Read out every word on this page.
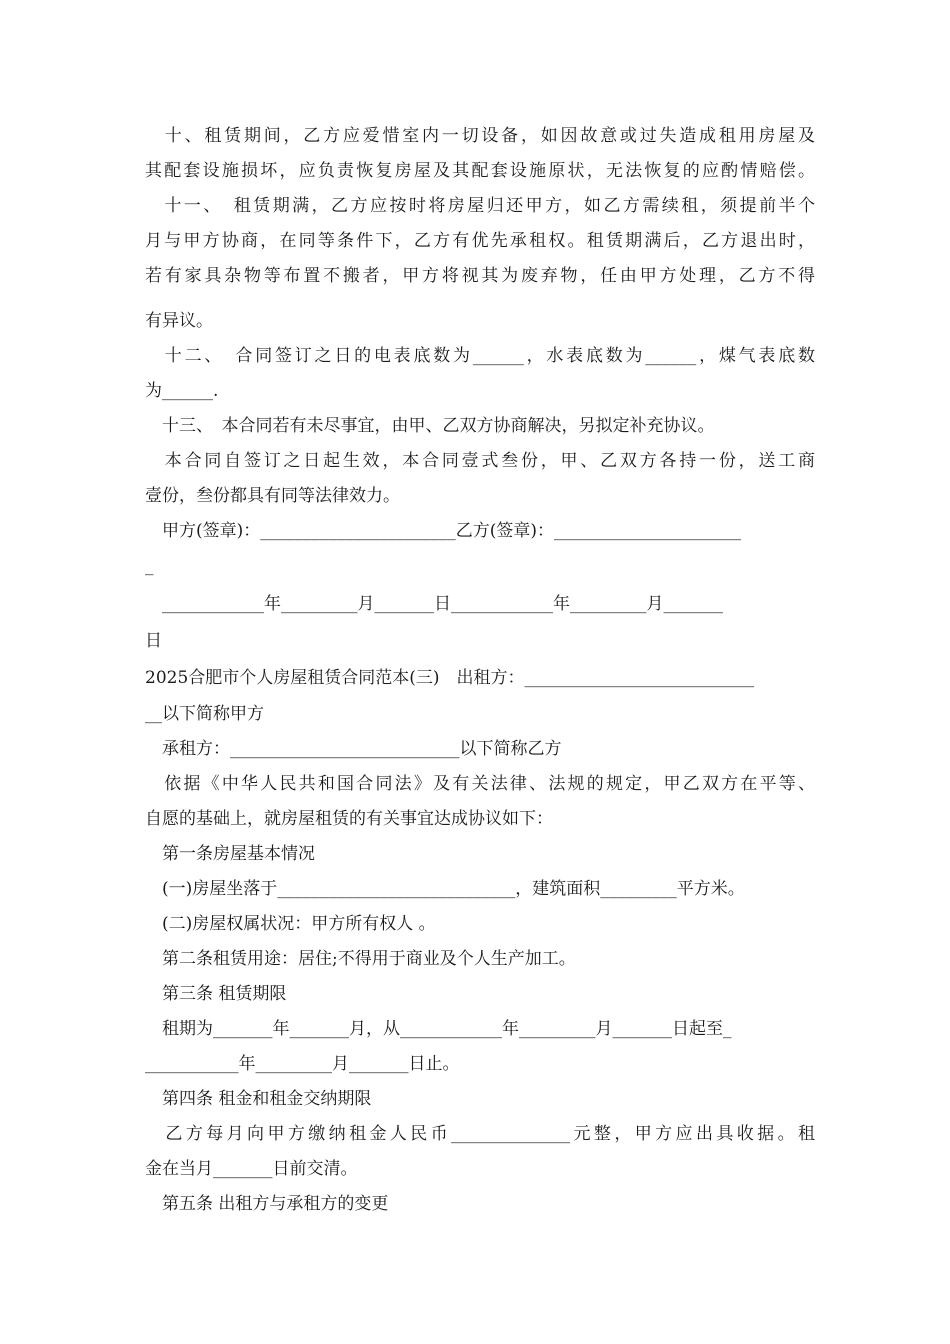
　十、租赁期间，乙方应爱惜室内一切设备，如因故意或过失造成租用房屋及
其配套设施损坏，应负责恢复房屋及其配套设施原状，无法恢复的应酌情赔偿。
　十一、　租赁期满，乙方应按时将房屋归还甲方，如乙方需续租，须提前半个
月与甲方协商，在同等条件下，乙方有优先承租权。租赁期满后，乙方退出时，
若有家具杂物等布置不搬者，甲方将视其为废弃物，任由甲方处理，乙方不得
有异议。
　十二、　合同签订之日的电表底数为______，水表底数为______，煤气表底数
为______.
　十三、　本合同若有未尽事宜，由甲、乙双方协商解决，另拟定补充协议。
　本合同自签订之日起生效，本合同壹式叁份，甲、乙双方各持一份，送工商
壹份，叁份都具有同等法律效力。
　甲方(签章)：_______________________乙方(签章)：______________________
_
　____________年_________月_______日____________年_________月_______
日
2025合肥市个人房屋租赁合同范本(三)　出租方：___________________________
__以下简称甲方
　承租方：___________________________以下简称乙方
　依据《中华人民共和国合同法》及有关法律、法规的规定，甲乙双方在平等、
自愿的基础上，就房屋租赁的有关事宜达成协议如下：
　第一条房屋基本情况
　(一)房屋坐落于____________________________，建筑面积_________平方米。
　(二)房屋权属状况：甲方所有权人 。
　第二条租赁用途：居住;不得用于商业及个人生产加工。
　第三条 租赁期限
　租期为_______年_______月，从____________年_________月_______日起至_
___________年_________月_______日止。
　第四条 租金和租金交纳期限
　乙方每月向甲方缴纳租金人民币______________元整，甲方应出具收据。租
金在当月_______日前交清。
　第五条 出租方与承租方的变更
